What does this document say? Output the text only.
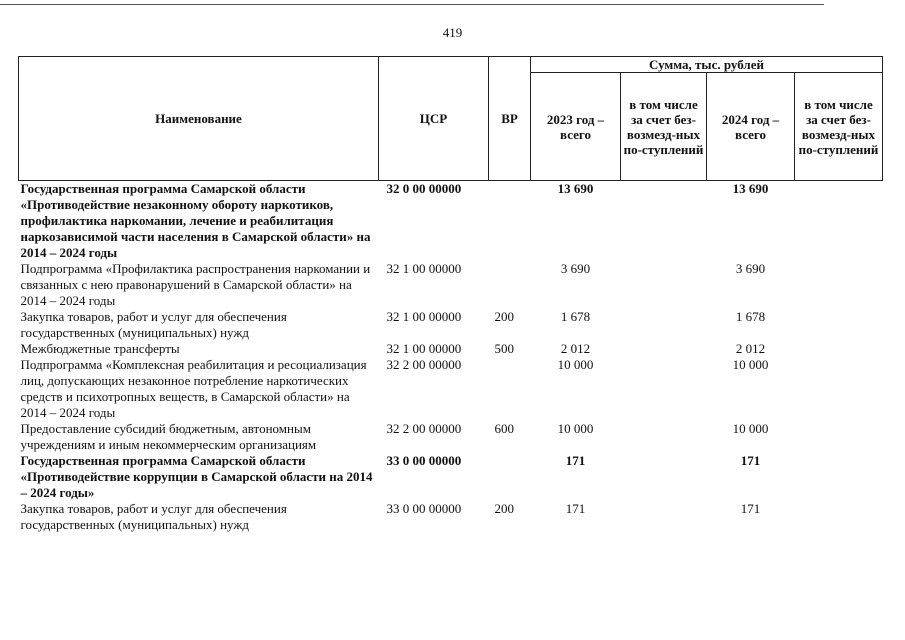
419
Наименование	ЦСР	ВР	Сумма, тыс. рублей			
			2023 год – всего	в том числе за счет без-возмезд-ных по-ступлений	2024 год – всего	в том числе за счет без-возмезд-ных по-ступлений
Государственная программа Самарской области «Противодействие незаконному обороту наркотиков, профилактика наркомании, лечение и реабилитация наркозависимой части населения в Самарской области» на 2014 – 2024 годы	32 0 00 00000		13 690		13 690	
Подпрограмма «Профилактика распространения наркомании и связанных с нею правонарушений в Самарской области» на 2014 – 2024 годы	32 1 00 00000		3 690		3 690	
Закупка товаров, работ и услуг для обеспечения государственных (муниципальных) нужд	32 1 00 00000	200	1 678		1 678	
Межбюджетные трансферты	32 1 00 00000	500	2 012		2 012	
Подпрограмма «Комплексная реабилитация и ресоциализация лиц, допускающих незаконное потребление наркотических средств и психотропных веществ, в Самарской области» на 2014 – 2024 годы	32 2 00 00000		10 000		10 000	
Предоставление субсидий бюджетным, автономным учреждениям и иным некоммерческим организациям	32 2 00 00000	600	10 000		10 000	
Государственная программа Самарской области «Противодействие коррупции в Самарской области на 2014 – 2024 годы»	33 0 00 00000		171		171	
Закупка товаров, работ и услуг для обеспечения государственных (муниципальных) нужд	33 0 00 00000	200	171		171	
